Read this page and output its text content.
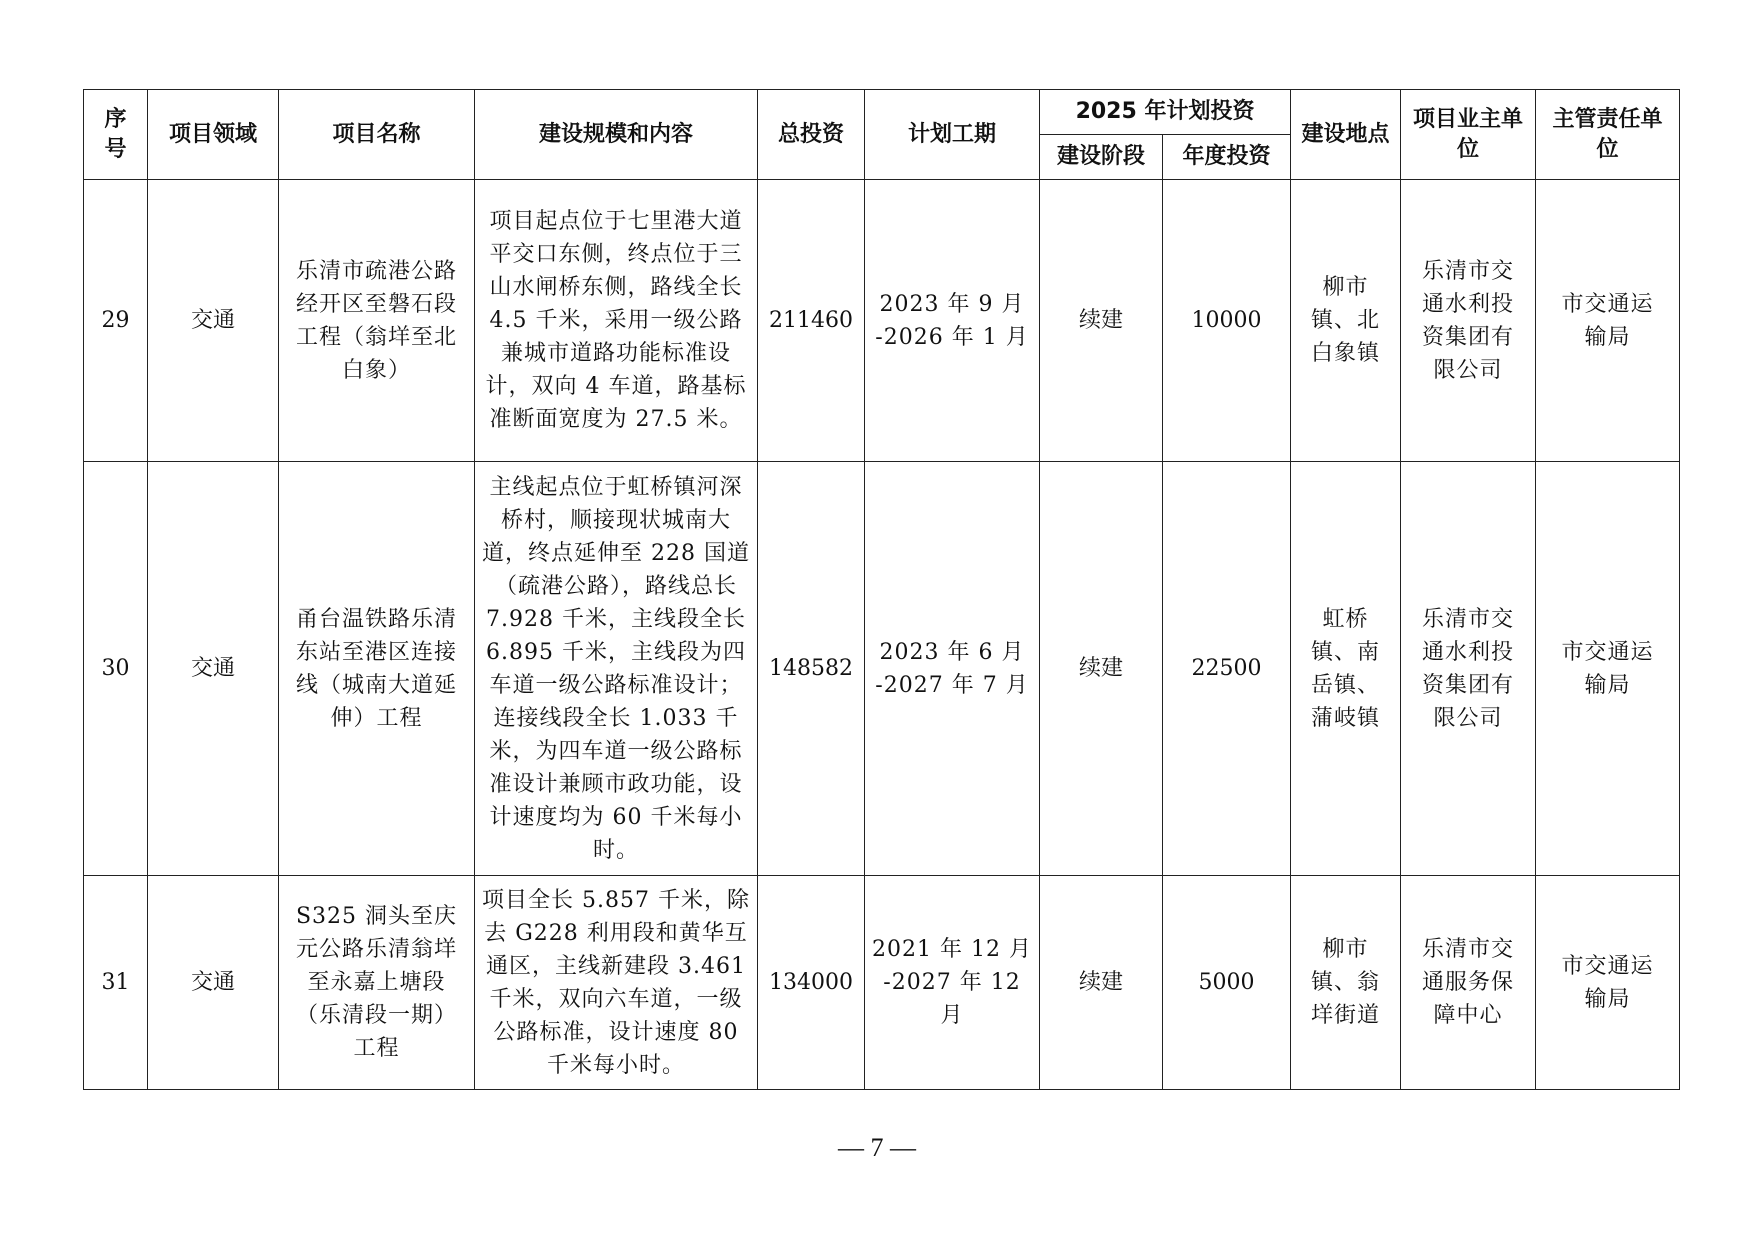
序号	项目领域	项目名称	建设规模和内容	总投资	计划工期	2025 年计划投资		建设地点	项目业主单位	主管责任单位
						建设阶段	年度投资			
29	交通	乐清市疏港公路经开区至磐石段工程（翁垟至北白象）	项目起点位于七里港大道平交口东侧，终点位于三山水闸桥东侧，路线全长 4.5 千米，采用一级公路兼城市道路功能标准设计，双向 4 车道，路基标准断面宽度为 27.5 米。	211460	2023 年 9 月
-2026 年 1 月	续建	10000	柳市镇、北白象镇	乐清市交通水利投资集团有限公司	市交通运输局
30	交通	甬台温铁路乐清东站至港区连接线（城南大道延伸）工程	主线起点位于虹桥镇河深桥村，顺接现状城南大道，终点延伸至 228 国道（疏港公路），路线总长 7.928 千米，主线段全长 6.895 千米，主线段为四车道一级公路标准设计；连接线段全长 1.033 千米，为四车道一级公路标准设计兼顾市政功能，设计速度均为 60 千米每小时。	148582	2023 年 6 月
-2027 年 7 月	续建	22500	虹桥镇、南岳镇、蒲岐镇	乐清市交通水利投资集团有限公司	市交通运输局
31	交通	S325 洞头至庆元公路乐清翁垟至永嘉上塘段（乐清段一期）工程	项目全长 5.857 千米，除去 G228 利用段和黄华互通区，主线新建段 3.461 千米，双向六车道，一级公路标准，设计速度 80 千米每小时。	134000	2021 年 12 月
-2027 年 12 月	续建	5000	柳市镇、翁垟街道	乐清市交通服务保障中心	市交通运输局
— 7 —
